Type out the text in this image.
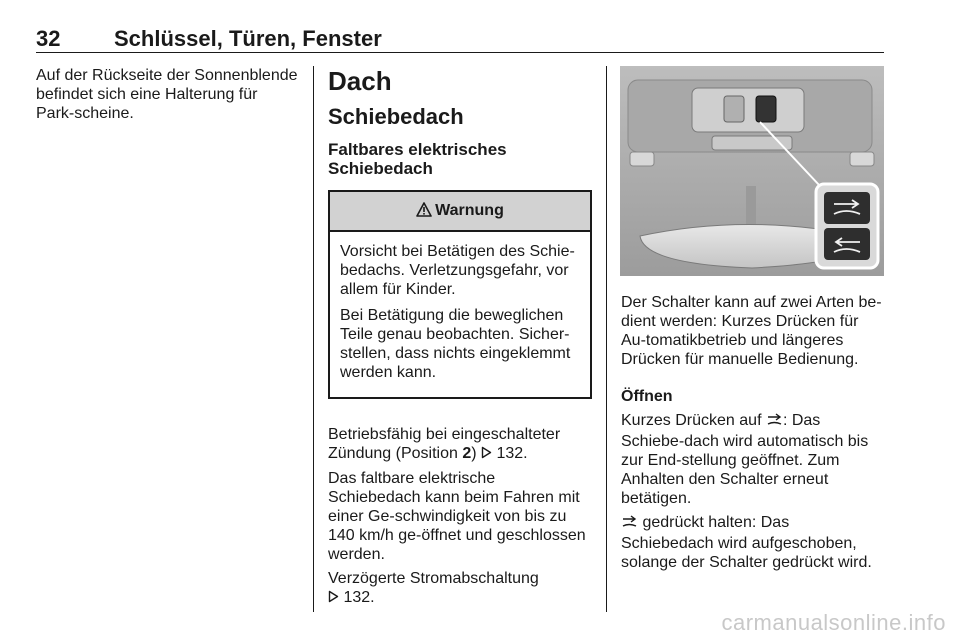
32 Schlüssel, Türen, Fenster

Auf der Rückseite der Sonnenblende befindet sich eine Halterung für Park-scheine.

Dach
Schiebedach
Faltbares elektrisches Schiebedach
Warnung

Vorsicht bei Betätigen des Schie-bedachs. Verletzungsgefahr, vor allem für Kinder.

Bei Betätigung die beweglichen Teile genau beobachten. Sicher-stellen, dass nichts eingeklemmt werden kann.

Betriebsfähig bei eingeschalteter Zündung (Position 2)  132.

Das faltbare elektrische Schiebedach kann beim Fahren mit einer Ge-schwindigkeit von bis zu 140 km/h ge-öffnet und geschlossen werden.

Verzögerte Stromabschaltung
132.

Der Schalter kann auf zwei Arten be-dient werden: Kurzes Drücken für Au-tomatikbetrieb und längeres Drücken für manuelle Bedienung.

Öffnen

Kurzes Drücken auf : Das Schiebe-dach wird automatisch bis zur End-stellung geöffnet. Zum Anhalten den Schalter erneut betätigen.

gedrückt halten: Das Schiebedach wird aufgeschoben, solange der Schalter gedrückt wird.

carmanualsonline.info
